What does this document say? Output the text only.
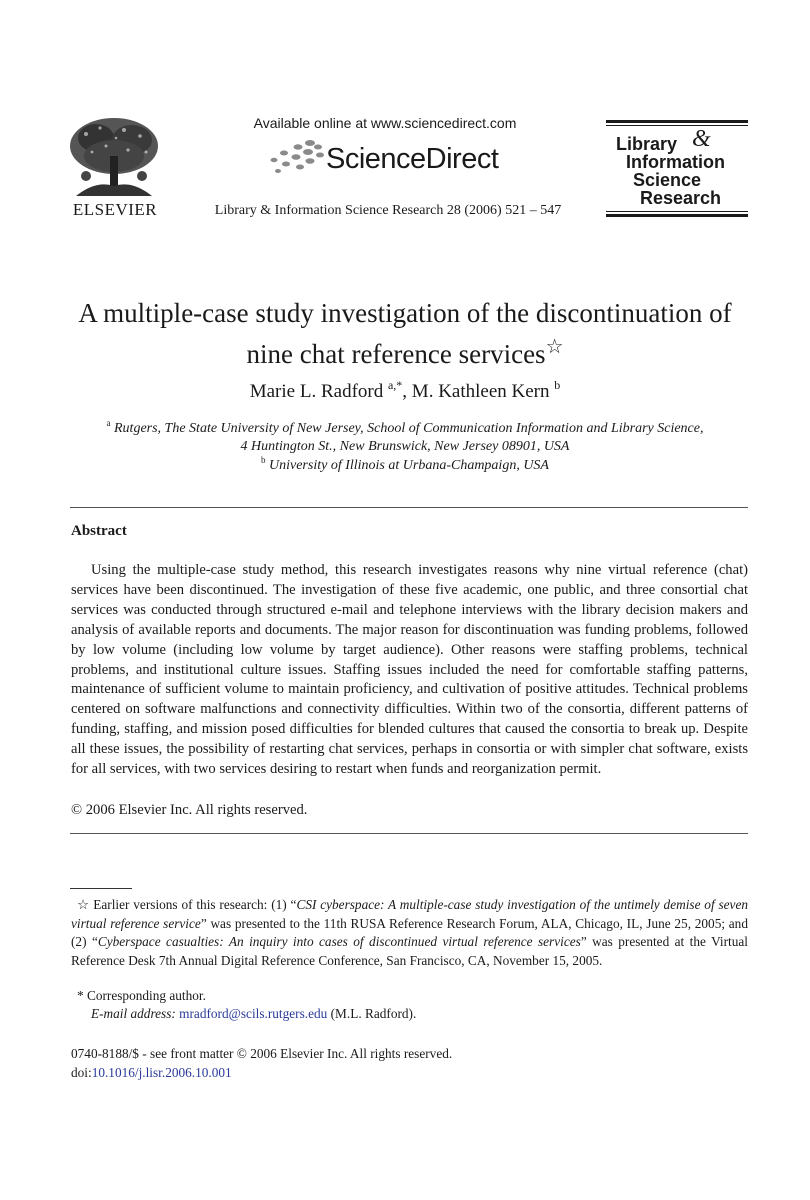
ELSEVIER
Available online at www.sciencedirect.com
ScienceDirect
Library & Information Science Research 28 (2006) 521 – 547
Library &
Information
Science
Research
A multiple-case study investigation of the discontinuation of
nine chat reference services☆
Marie L. Radford $^{a,*}$, M. Kathleen Kern $^b$
$^a$ Rutgers, The State University of New Jersey, School of Communication Information and Library Science,
4 Huntington St., New Brunswick, New Jersey 08901, USA
$^b$ University of Illinois at Urbana-Champaign, USA
Abstract

Using the multiple-case study method, this research investigates reasons why nine virtual reference (chat) services have been discontinued. The investigation of these five academic, one public, and three consortial chat services was conducted through structured e-mail and telephone interviews with the library decision makers and analysis of available reports and documents. The major reason for discontinuation was funding problems, followed by low volume (including low volume by target audience). Other reasons were staffing problems, technical problems, and institutional culture issues. Staffing issues included the need for comfortable staffing patterns, maintenance of sufficient volume to maintain proficiency, and cultivation of positive attitudes. Technical problems centered on software malfunctions and connectivity difficulties. Within two of the consortia, different patterns of funding, staffing, and mission posed difficulties for blended cultures that caused the consortia to break up. Despite all these issues, the possibility of restarting chat services, perhaps in consortia or with simpler chat software, exists for all services, with two services desiring to restart when funds and reorganization permit.

© 2006 Elsevier Inc. All rights reserved.
☆ Earlier versions of this research: (1) “CSI cyberspace: A multiple-case study investigation of the untimely demise of seven virtual reference service” was presented to the 11th RUSA Reference Research Forum, ALA, Chicago, IL, June 25, 2005; and (2) “Cyberspace casualties: An inquiry into cases of discontinued virtual reference services” was presented at the Virtual Reference Desk 7th Annual Digital Reference Conference, San Francisco, CA, November 15, 2005.
* Corresponding author.
E-mail address: mradford@scils.rutgers.edu (M.L. Radford).
0740-8188/$ - see front matter © 2006 Elsevier Inc. All rights reserved.
doi:10.1016/j.lisr.2006.10.001
